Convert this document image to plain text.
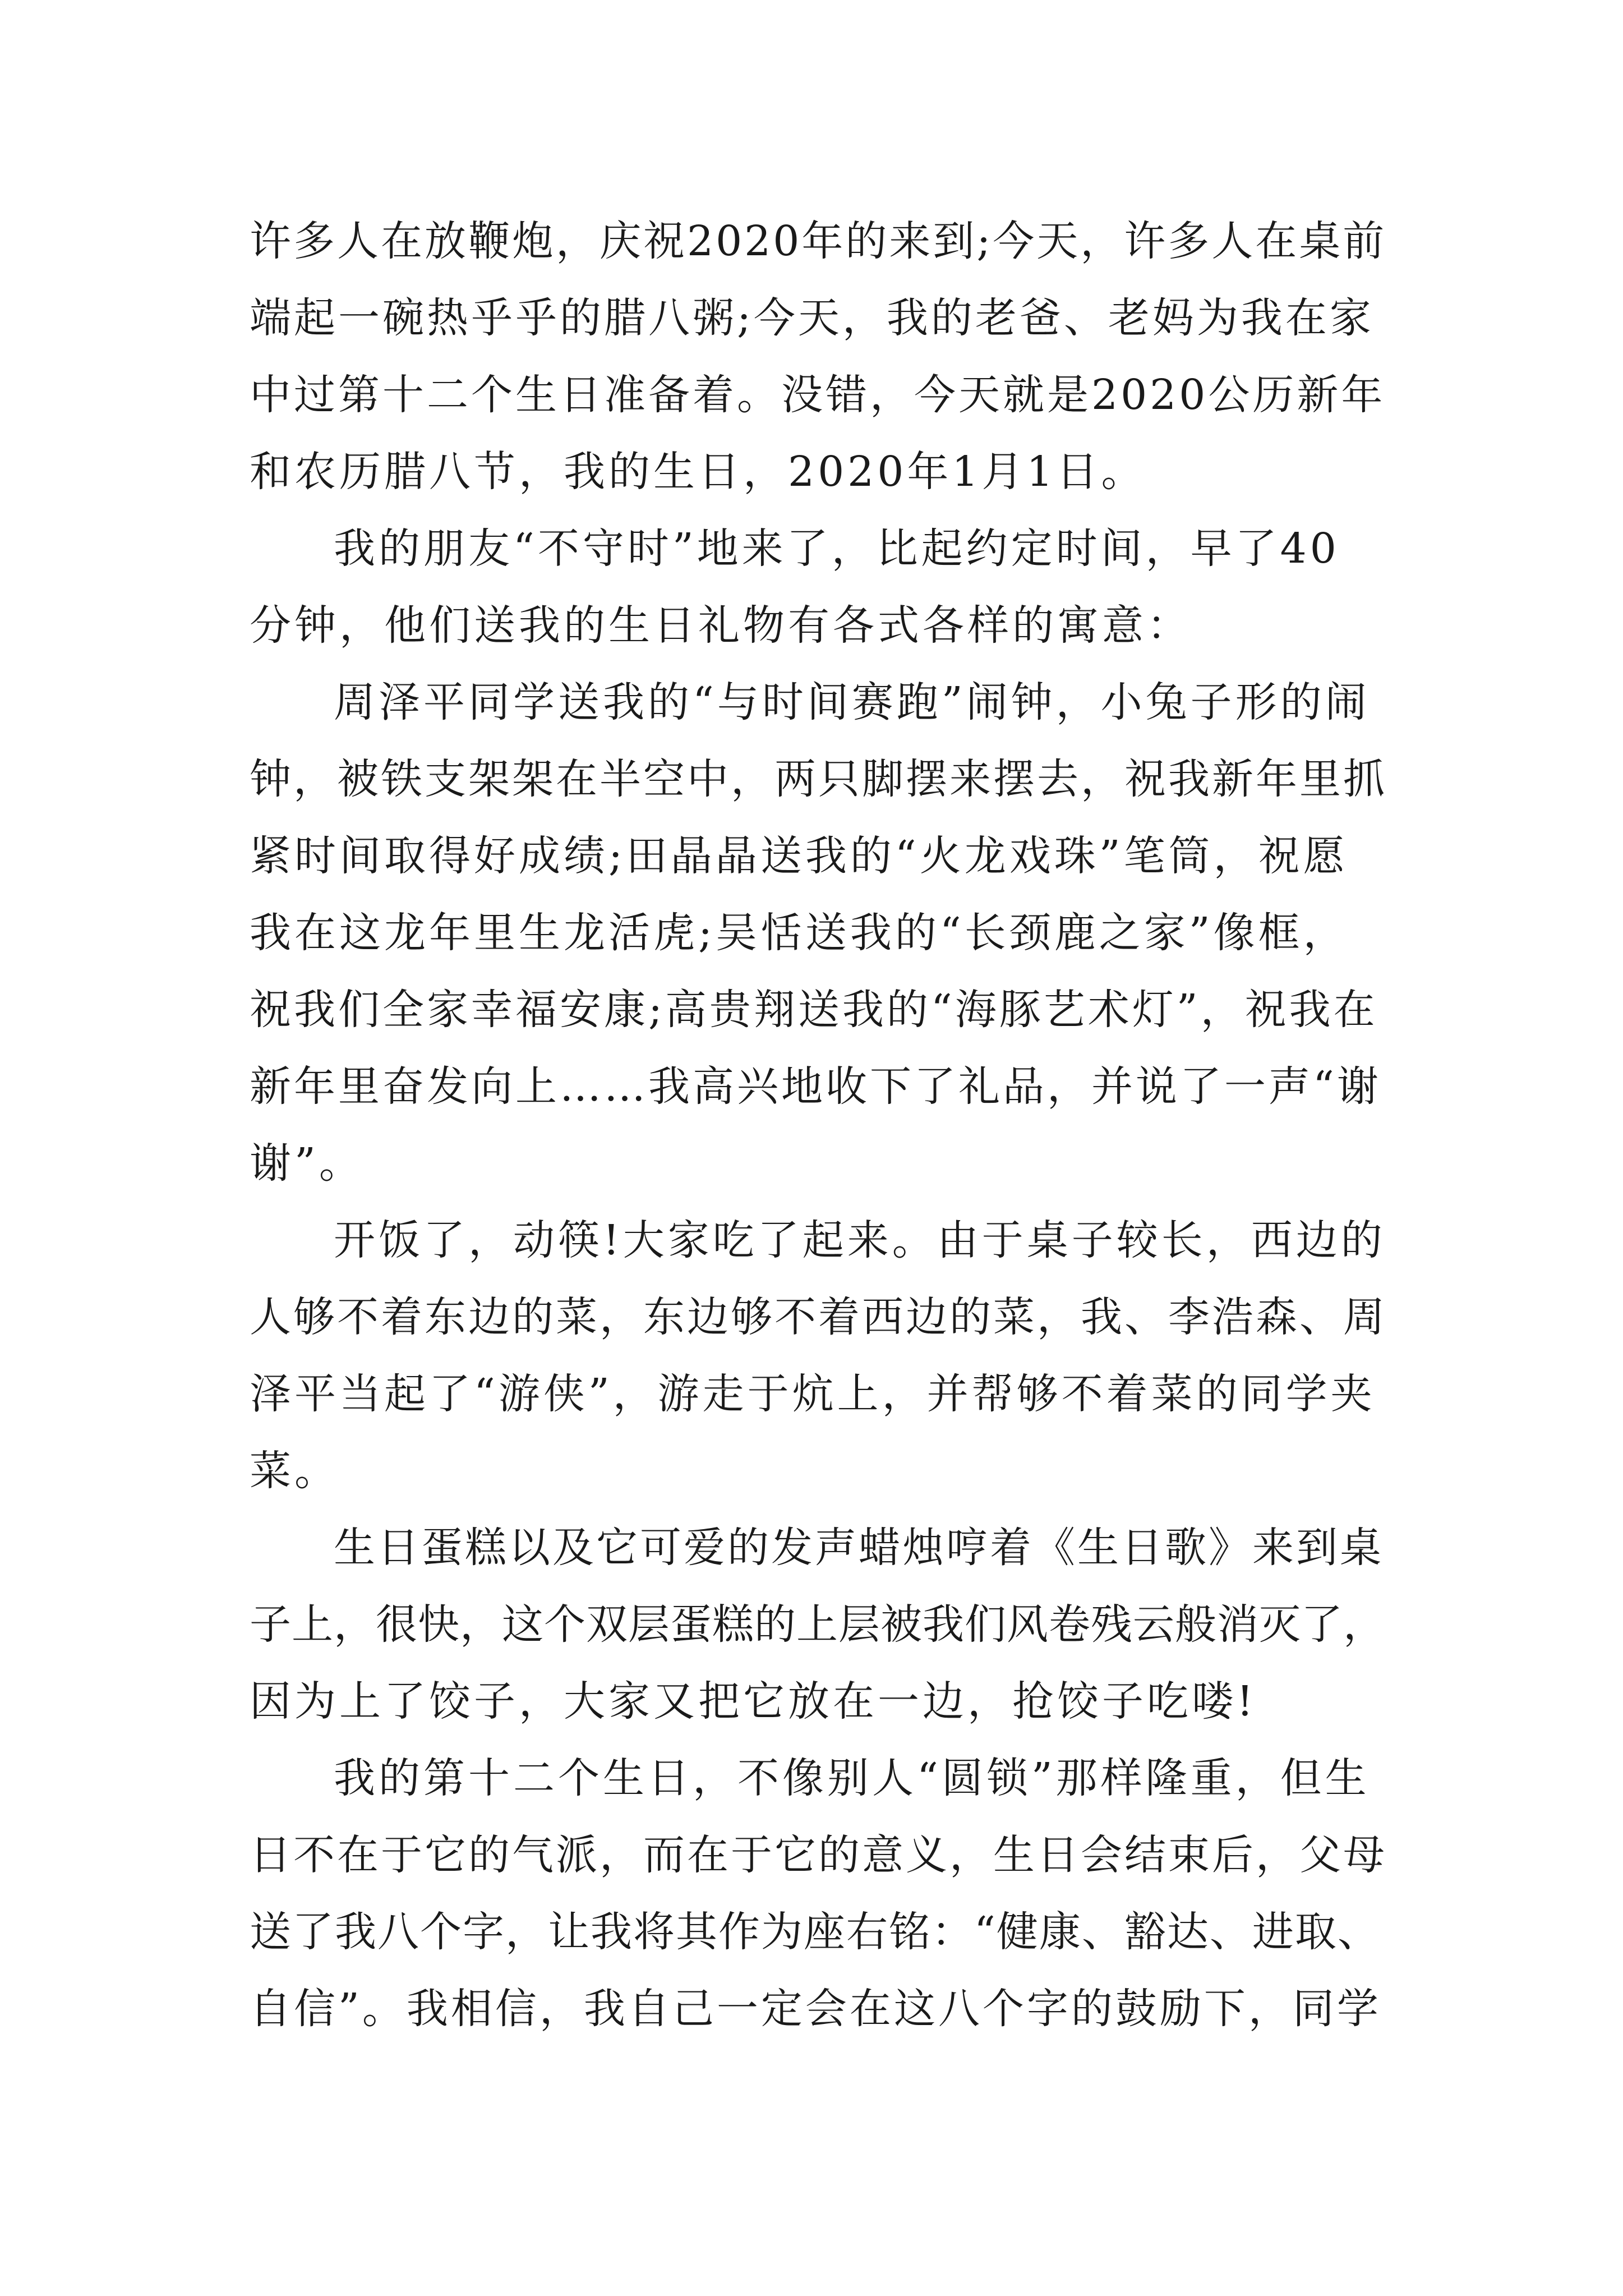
许多人在放鞭炮，庆祝2020年的来到;今天，许多人在桌前
端起一碗热乎乎的腊八粥;今天，我的老爸、老妈为我在家
中过第十二个生日准备着。没错，今天就是2020公历新年
和农历腊八节，我的生日，2020年1月1日。
我的朋友“不守时”地来了，比起约定时间，早了40
分钟，他们送我的生日礼物有各式各样的寓意：
周泽平同学送我的“与时间赛跑”闹钟，小兔子形的闹
钟，被铁支架架在半空中，两只脚摆来摆去，祝我新年里抓
紧时间取得好成绩;田晶晶送我的“火龙戏珠”笔筒，祝愿
我在这龙年里生龙活虎;吴恬送我的“长颈鹿之家”像框，
祝我们全家幸福安康;高贵翔送我的“海豚艺术灯”，祝我在
新年里奋发向上……我高兴地收下了礼品，并说了一声“谢
谢”。
开饭了，动筷!大家吃了起来。由于桌子较长，西边的
人够不着东边的菜，东边够不着西边的菜，我、李浩森、周
泽平当起了“游侠”，游走于炕上，并帮够不着菜的同学夹
菜。
生日蛋糕以及它可爱的发声蜡烛哼着《生日歌》来到桌
子上，很快，这个双层蛋糕的上层被我们风卷残云般消灭了，
因为上了饺子，大家又把它放在一边，抢饺子吃喽!
我的第十二个生日，不像别人“圆锁”那样隆重，但生
日不在于它的气派，而在于它的意义，生日会结束后，父母
送了我八个字，让我将其作为座右铭：“健康、豁达、进取、
自信”。我相信，我自己一定会在这八个字的鼓励下，同学
